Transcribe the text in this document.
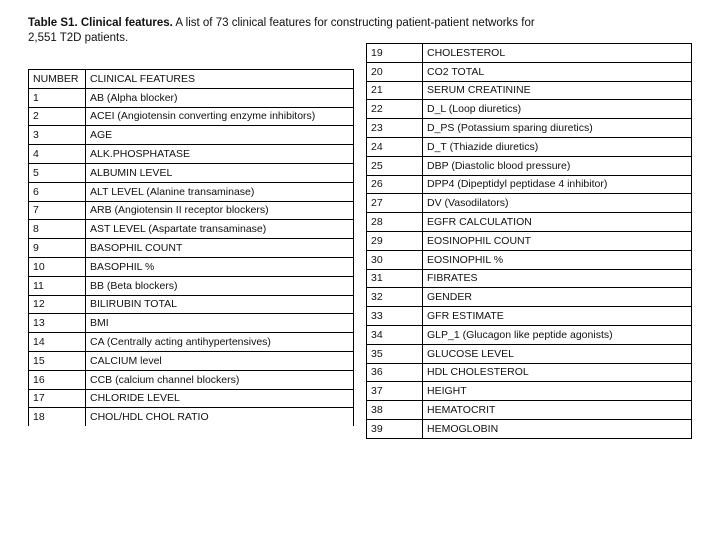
Table S1. Clinical features. A list of 73 clinical features for constructing patient-patient networks for 2,551 T2D patients.
NUMBER	CLINICAL FEATURES
1	AB (Alpha blocker)
2	ACEI (Angiotensin converting enzyme inhibitors)
3	AGE
4	ALK.PHOSPHATASE
5	ALBUMIN LEVEL
6	ALT LEVEL (Alanine transaminase)
7	ARB (Angiotensin II receptor blockers)
8	AST LEVEL (Aspartate transaminase)
9	BASOPHIL COUNT
10	BASOPHIL %
11	BB (Beta blockers)
12	BILIRUBIN TOTAL
13	BMI
14	CA (Centrally acting antihypertensives)
15	CALCIUM level
16	CCB (calcium channel blockers)
17	CHLORIDE LEVEL
18	CHOL/HDL CHOL RATIO
19	CHOLESTEROL
20	CO2 TOTAL
21	SERUM CREATININE
22	D_L (Loop diuretics)
23	D_PS (Potassium sparing diuretics)
24	D_T (Thiazide diuretics)
25	DBP (Diastolic blood pressure)
26	DPP4 (Dipeptidyl peptidase 4 inhibitor)
27	DV (Vasodilators)
28	EGFR CALCULATION
29	EOSINOPHIL COUNT
30	EOSINOPHIL %
31	FIBRATES
32	GENDER
33	GFR ESTIMATE
34	GLP_1 (Glucagon like peptide agonists)
35	GLUCOSE LEVEL
36	HDL CHOLESTEROL
37	HEIGHT
38	HEMATOCRIT
39	HEMOGLOBIN
